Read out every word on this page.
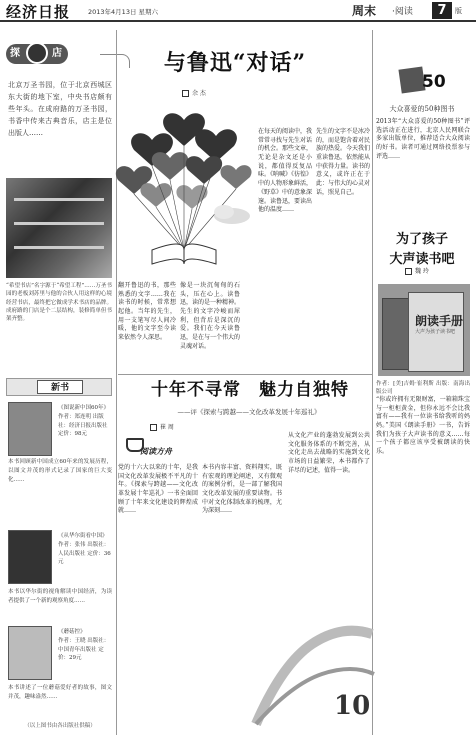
经济日报	2013年4月13日 星期六	周末 ·阅读	7	版
探	店
北京万圣书园，位于北京西城区东大街的地下室，中央书店颇有些年头。在成府路的万圣书园，书香中传来古典音乐，店主是位出版人……
“希望书店”名字源于“希望工程”……万圣书园的老板刘苏里与他的合伙人用这样的心境经营书店，最终把它做成学术书店的品牌。成府路的门店是个二层结构，装修简单但书架齐整。
新书
《图说新中国60年》
作者：郑连明 出版社：经济日报出版社 定价：98元
本书回顾新中国成立60年来的发展历程，以图文并茂的形式记录了国家的巨大变化……
《从华尔街看中国》
作者：张伟 出版社：人民出版社 定价：36元
本书以华尔街的视角解读中国经济，为读者提供了一个新的观察角度……
《蘑菇控》
作者：王晓 出版社：中国青年出版社 定价：29元
本书讲述了一位蘑菇爱好者的故事，图文并茂，趣味盎然……
（以上图书由各出版社供稿）
与鲁迅“对话”
余 杰
翻开鲁迅的书，那些熟悉的文字……我在读书的时候，常常想起他。当年的先生，用一支笔写尽人间冷暖，他的文字至今读来依然令人深思。
像是一块沉甸甸的石头，压在心上。读鲁迅，读的是一种精神。先生的文字冷峻而犀利，但背后是深沉的爱。我们在今天读鲁迅，是在与一个伟大的灵魂对话。
在每天的阅读中，我常常寻找与先生对话的机会。那些文章，无论是杂文还是小说，都值得反复品味。《呐喊》《彷徨》中的人物形象鲜活，《野草》中的意象深邃。读鲁迅，要读出他的温度……
先生的文字不是冰冷的，而是饱含着对民族的热爱。今天我们重读鲁迅，依然能从中获得力量。读书的意义，或许正在于此：与伟大的心灵对话，照见自己。
十年不寻常　魅力自独特
——评《探索与跨越——文化改革发展十年巡礼》
崔 周
阅读方舟
党的十六大以来的十年，是我国文化改革发展极不平凡的十年。《探索与跨越——文化改革发展十年巡礼》一书全面回顾了十年来文化建设的辉煌成就……
本书内容丰富、资料翔实，既有宏观的理论阐述，又有微观的案例分析，是一部了解我国文化改革发展的重要读物。书中对文化体制改革的梳理，尤为深刻……
从文化产业的蓬勃发展到公共文化服务体系的不断完善，从文化走出去战略的实施到文化市场的日益繁荣，本书都作了详尽的记述，值得一读。
10
50
大众喜爱的50种图书
2013年“大众喜爱的50种图书”评选活动正在进行，北京人民网联合多家出版单位，推荐适合大众阅读的好书。读者可通过网络投票参与评选……
为了孩子
大声读书吧
魏 玲
朗读手册
大声为孩子读书吧
作者：[美]吉姆·崔利斯 出版：南海出版公司
“你或许拥有无限财富，一箱箱珠宝与一柜柜黄金，但你永远不会比我富有——我有一位读书给我听的妈妈。”美国《朗读手册》一书，告诉我们为孩子大声读书的意义……每一个孩子都应该享受被朗读的快乐。
